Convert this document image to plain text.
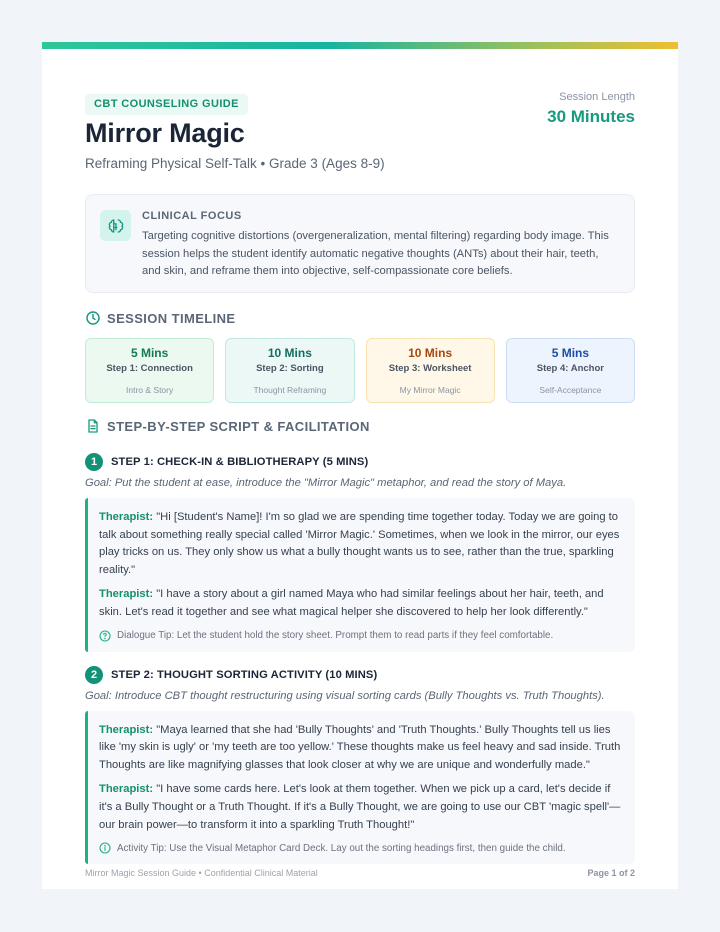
CBT COUNSELING GUIDE
Mirror Magic
Reframing Physical Self-Talk • Grade 3 (Ages 8-9)
Session Length
30 Minutes
CLINICAL FOCUS
Targeting cognitive distortions (overgeneralization, mental filtering) regarding body image. This session helps the student identify automatic negative thoughts (ANTs) about their hair, teeth, and skin, and reframe them into objective, self-compassionate core beliefs.
SESSION TIMELINE
5 Mins
Step 1: Connection
Intro & Story
10 Mins
Step 2: Sorting
Thought Reframing
10 Mins
Step 3: Worksheet
My Mirror Magic
5 Mins
Step 4: Anchor
Self-Acceptance
STEP-BY-STEP SCRIPT & FACILITATION
1	STEP 1: CHECK-IN & BIBLIOTHERAPY (5 MINS)
Goal: Put the student at ease, introduce the "Mirror Magic" metaphor, and read the story of Maya.

Therapist: "Hi [Student's Name]! I'm so glad we are spending time together today. Today we are going to talk about something really special called 'Mirror Magic.' Sometimes, when we look in the mirror, our eyes play tricks on us. They only show us what a bully thought wants us to see, rather than the true, sparkling reality."

Therapist: "I have a story about a girl named Maya who had similar feelings about her hair, teeth, and skin. Let's read it together and see what magical helper she discovered to help her look differently."

Dialogue Tip: Let the student hold the story sheet. Prompt them to read parts if they feel comfortable.
2	STEP 2: THOUGHT SORTING ACTIVITY (10 MINS)
Goal: Introduce CBT thought restructuring using visual sorting cards (Bully Thoughts vs. Truth Thoughts).

Therapist: "Maya learned that she had 'Bully Thoughts' and 'Truth Thoughts.' Bully Thoughts tell us lies like 'my skin is ugly' or 'my teeth are too yellow.' These thoughts make us feel heavy and sad inside. Truth Thoughts are like magnifying glasses that look closer at why we are unique and wonderfully made."

Therapist: "I have some cards here. Let's look at them together. When we pick up a card, let's decide if it's a Bully Thought or a Truth Thought. If it's a Bully Thought, we are going to use our CBT 'magic spell'—our brain power—to transform it into a sparkling Truth Thought!"

Activity Tip: Use the Visual Metaphor Card Deck. Lay out the sorting headings first, then guide the child.
Mirror Magic Session Guide • Confidential Clinical Material	Page 1 of 2
